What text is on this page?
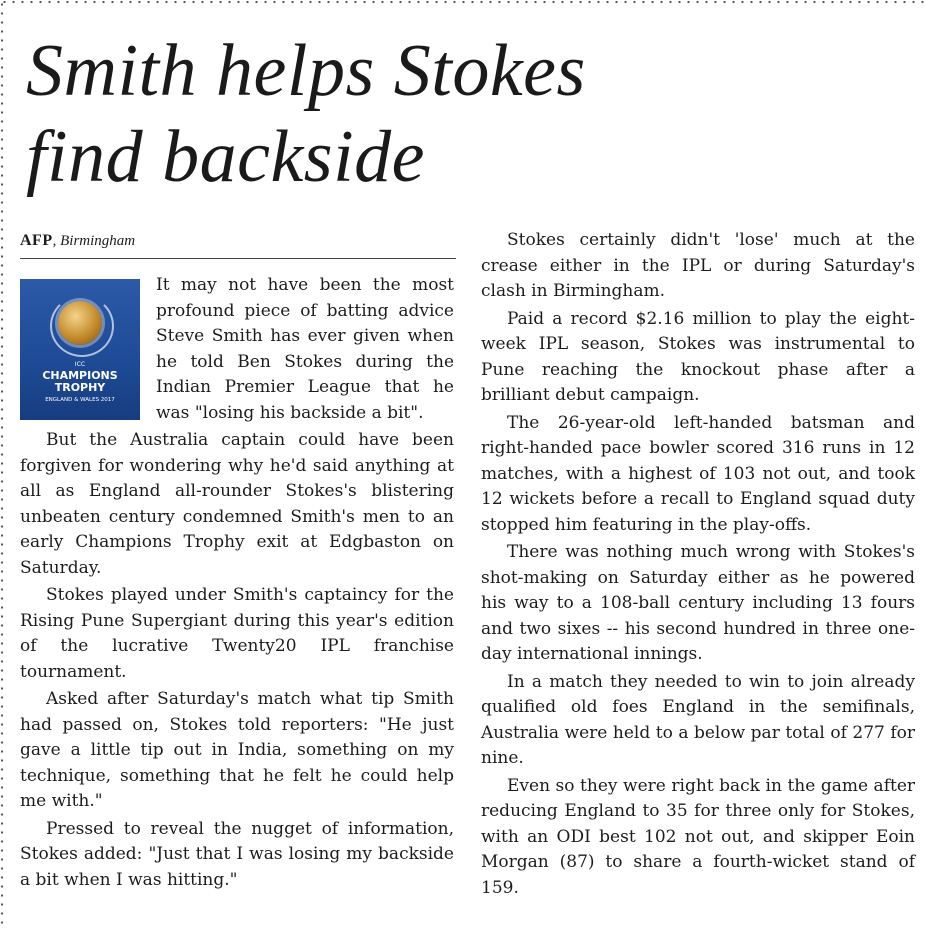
Smith helps Stokes
find backside
AFP, Birmingham
ICC
CHAMPIONS
TROPHY
ENGLAND & WALES 2017

It may not have been the most profound piece of batting advice Steve Smith has ever given when he told Ben Stokes during the Indian Premier League that he was "losing his backside a bit".

But the Australia captain could have been forgiven for wondering why he'd said anything at all as England all-rounder Stokes's blistering unbeaten century condemned Smith's men to an early Champions Trophy exit at Edgbaston on Saturday.

Stokes played under Smith's captaincy for the Rising Pune Supergiant during this year's edition of the lucrative Twenty20 IPL franchise tournament.

Asked after Saturday's match what tip Smith had passed on, Stokes told reporters: "He just gave a little tip out in India, something on my technique, something that he felt he could help me with."

Pressed to reveal the nugget of information, Stokes added: "Just that I was losing my backside a bit when I was hitting."

Stokes certainly didn't 'lose' much at the crease either in the IPL or during Saturday's clash in Birmingham.

Paid a record $2.16 million to play the eight-week IPL season, Stokes was instrumental to Pune reaching the knockout phase after a brilliant debut campaign.

The 26-year-old left-handed batsman and right-handed pace bowler scored 316 runs in 12 matches, with a highest of 103 not out, and took 12 wickets before a recall to England squad duty stopped him featuring in the play-offs.

There was nothing much wrong with Stokes's shot-making on Saturday either as he powered his way to a 108-ball century including 13 fours and two sixes -- his second hundred in three one-day international innings.

In a match they needed to win to join already qualified old foes England in the semifinals, Australia were held to a below par total of 277 for nine.

Even so they were right back in the game after reducing England to 35 for three only for Stokes, with an ODI best 102 not out, and skipper Eoin Morgan (87) to share a fourth-wicket stand of 159.
